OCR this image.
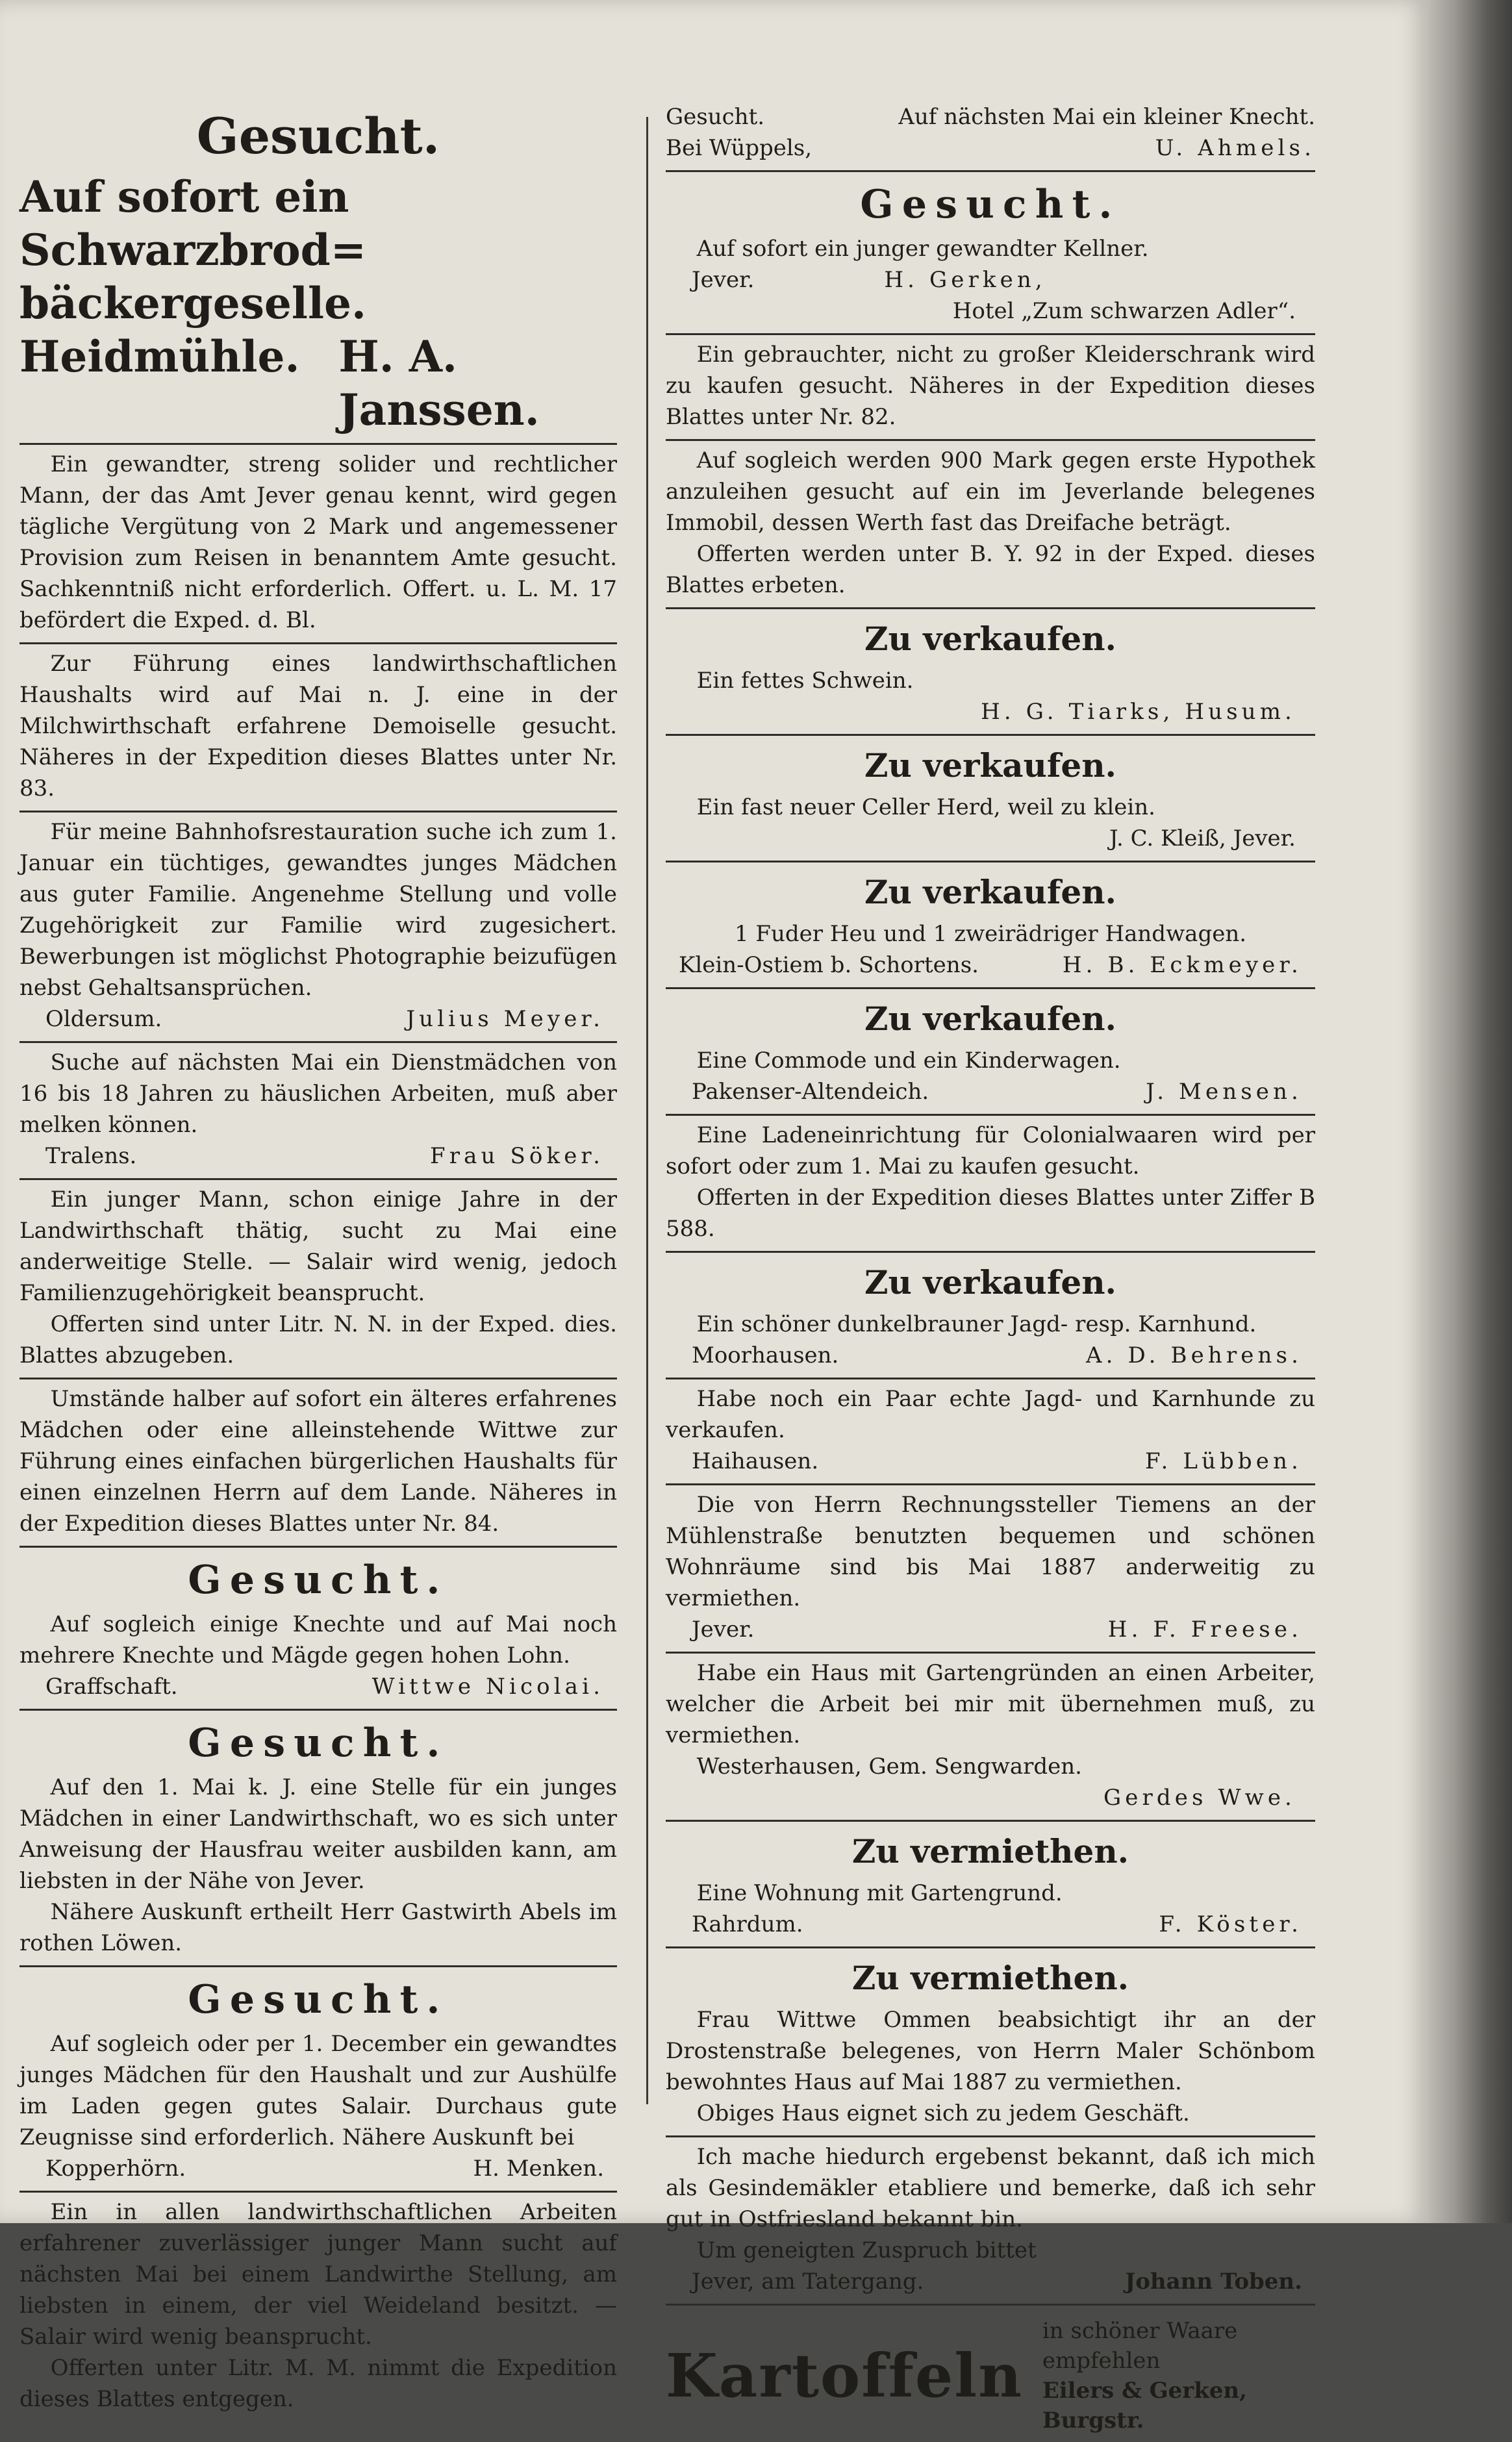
Gesucht.
Auf sofort ein Schwarzbrod=
bäckergeselle.
Heidmühle. H. A. Janssen.

Ein gewandter, streng solider und rechtlicher Mann, der das Amt Jever genau kennt, wird gegen tägliche Vergütung von 2 Mark und angemessener Provision zum Reisen in benanntem Amte gesucht. Sachkenntniß nicht erforderlich. Offert. u. L. M. 17 befördert die Exped. d. Bl.

Zur Führung eines landwirthschaftlichen Haushalts wird auf Mai n. J. eine in der Milchwirthschaft erfahrene Demoiselle gesucht. Näheres in der Expedition dieses Blattes unter Nr. 83.

Für meine Bahnhofsrestauration suche ich zum 1. Januar ein tüchtiges, gewandtes junges Mädchen aus guter Familie. Angenehme Stellung und volle Zugehörigkeit zur Familie wird zugesichert. Bewerbungen ist möglichst Photographie beizufügen nebst Gehaltsansprüchen.

Oldersum.	Julius Meyer.

Suche auf nächsten Mai ein Dienstmädchen von 16 bis 18 Jahren zu häuslichen Arbeiten, muß aber melken können.

Tralens.	Frau Söker.

Ein junger Mann, schon einige Jahre in der Landwirthschaft thätig, sucht zu Mai eine anderweitige Stelle. — Salair wird wenig, jedoch Familienzugehörigkeit beansprucht.

Offerten sind unter Litr. N. N. in der Exped. dies. Blattes abzugeben.

Umstände halber auf sofort ein älteres erfahrenes Mädchen oder eine alleinstehende Wittwe zur Führung eines einfachen bürgerlichen Haushalts für einen einzelnen Herrn auf dem Lande. Näheres in der Expedition dieses Blattes unter Nr. 84.

Gesucht.

Auf sogleich einige Knechte und auf Mai noch mehrere Knechte und Mägde gegen hohen Lohn.

Graffschaft.	Wittwe Nicolai.
Gesucht.

Auf den 1. Mai k. J. eine Stelle für ein junges Mädchen in einer Landwirthschaft, wo es sich unter Anweisung der Hausfrau weiter ausbilden kann, am liebsten in der Nähe von Jever.

Nähere Auskunft ertheilt Herr Gastwirth Abels im rothen Löwen.

Gesucht.

Auf sogleich oder per 1. December ein gewandtes junges Mädchen für den Haushalt und zur Aushülfe im Laden gegen gutes Salair. Durchaus gute Zeugnisse sind erforderlich. Nähere Auskunft bei

Kopperhörn.	H. Menken.

Ein in allen landwirthschaftlichen Arbeiten erfahrener zuverlässiger junger Mann sucht auf nächsten Mai bei einem Landwirthe Stellung, am liebsten in einem, der viel Weideland besitzt. — Salair wird wenig beansprucht.

Offerten unter Litr. M. M. nimmt die Expedition dieses Blattes entgegen.

Gesucht.	Auf nächsten Mai ein kleiner Knecht.
Bei Wüppels,	U. Ahmels.
Gesucht.

Auf sofort ein junger gewandter Kellner.

Jever.	H. Gerken,
Hotel „Zum schwarzen Adler“.

Ein gebrauchter, nicht zu großer Kleiderschrank wird zu kaufen gesucht. Näheres in der Expedition dieses Blattes unter Nr. 82.

Auf sogleich werden 900 Mark gegen erste Hypothek anzuleihen gesucht auf ein im Jeverlande belegenes Immobil, dessen Werth fast das Dreifache beträgt.

Offerten werden unter B. Y. 92 in der Exped. dieses Blattes erbeten.

Zu verkaufen.

Ein fettes Schwein.

H. G. Tiarks, Husum.
Zu verkaufen.

Ein fast neuer Celler Herd, weil zu klein.

J. C. Kleiß, Jever.
Zu verkaufen.
1 Fuder Heu und 1 zweirädriger Handwagen.
Klein-Ostiem b. Schortens.	H. B. Eckmeyer.
Zu verkaufen.

Eine Commode und ein Kinderwagen.

Pakenser-Altendeich.	J. Mensen.

Eine Ladeneinrichtung für Colonialwaaren wird per sofort oder zum 1. Mai zu kaufen gesucht.

Offerten in der Expedition dieses Blattes unter Ziffer B 588.

Zu verkaufen.

Ein schöner dunkelbrauner Jagd- resp. Karnhund.

Moorhausen.	A. D. Behrens.

Habe noch ein Paar echte Jagd- und Karnhunde zu verkaufen.

Haihausen.	F. Lübben.

Die von Herrn Rechnungssteller Tiemens an der Mühlenstraße benutzten bequemen und schönen Wohnräume sind bis Mai 1887 anderweitig zu vermiethen.

Jever.	H. F. Freese.

Habe ein Haus mit Gartengründen an einen Arbeiter, welcher die Arbeit bei mir mit übernehmen muß, zu vermiethen.

Westerhausen, Gem. Sengwarden.

Gerdes Wwe.
Zu vermiethen.

Eine Wohnung mit Gartengrund.

Rahrdum.	F. Köster.
Zu vermiethen.

Frau Wittwe Ommen beabsichtigt ihr an der Drostenstraße belegenes, von Herrn Maler Schönbom bewohntes Haus auf Mai 1887 zu vermiethen.

Obiges Haus eignet sich zu jedem Geschäft.

Ich mache hiedurch ergebenst bekannt, daß ich mich als Gesindemäkler etabliere und bemerke, daß ich sehr gut in Ostfriesland bekannt bin.

Um geneigten Zuspruch bittet

Jever, am Tatergang.	Johann Toben.
Kartoffeln
in schöner Waare empfehlen
Eilers & Gerken, Burgstr.
